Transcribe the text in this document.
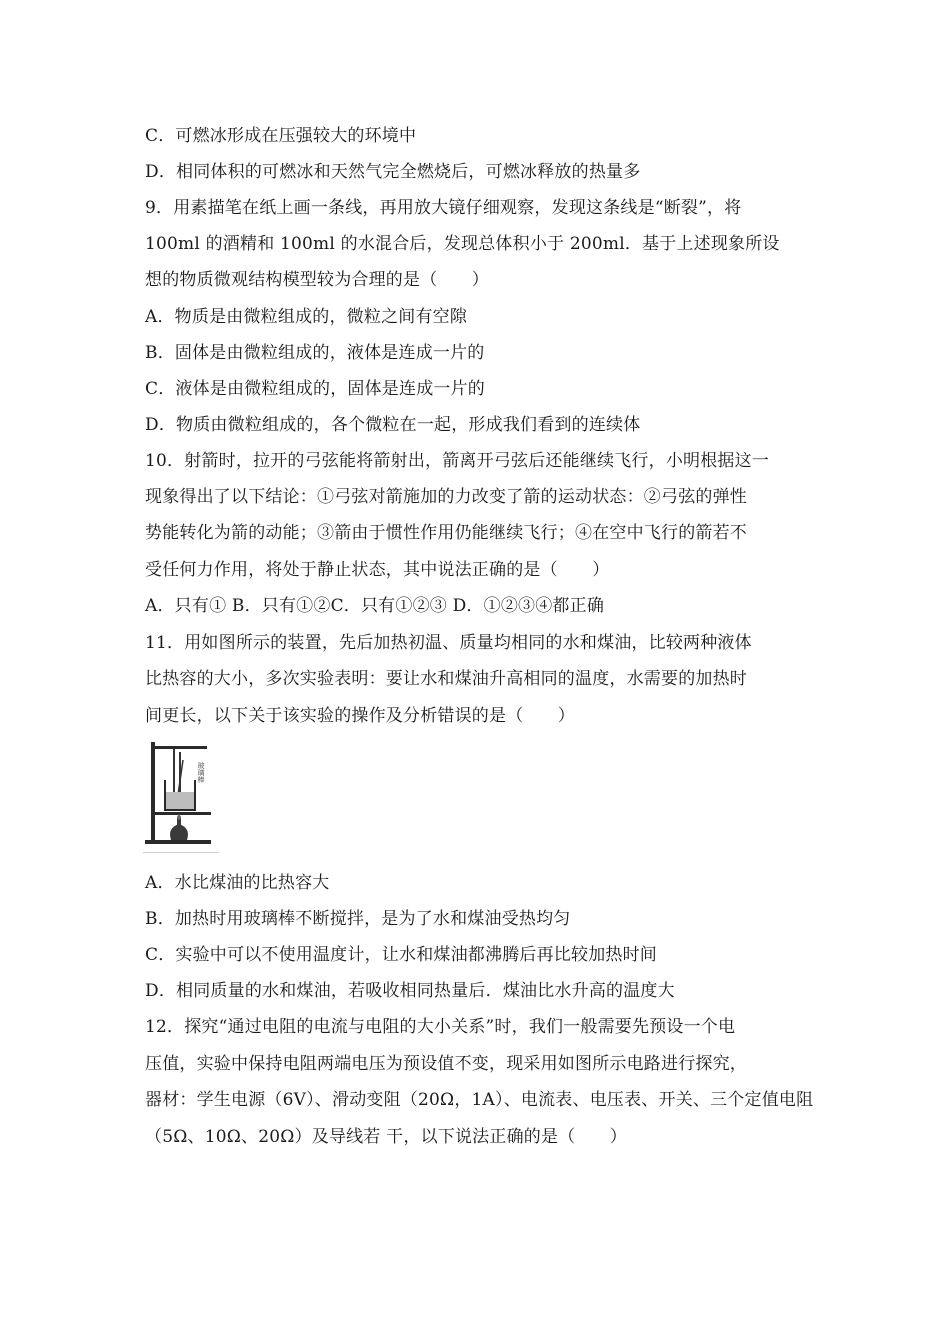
C．可燃冰形成在压强较大的环境中
D．相同体积的可燃冰和天然气完全燃烧后，可燃冰释放的热量多
9．用素描笔在纸上画一条线，再用放大镜仔细观察，发现这条线是“断裂”，将
100ml 的酒精和 100ml 的水混合后，发现总体积小于 200ml．基于上述现象所设
想的物质微观结构模型较为合理的是（　　）
A．物质是由微粒组成的，微粒之间有空隙
B．固体是由微粒组成的，液体是连成一片的
C．液体是由微粒组成的，固体是连成一片的
D．物质由微粒组成的，各个微粒在一起，形成我们看到的连续体
10．射箭时，拉开的弓弦能将箭射出，箭离开弓弦后还能继续飞行，小明根据这一
现象得出了以下结论：①弓弦对箭施加的力改变了箭的运动状态：②弓弦的弹性
势能转化为箭的动能；③箭由于惯性作用仍能继续飞行；④在空中飞行的箭若不
受任何力作用，将处于静止状态，其中说法正确的是（　　）
A．只有① B．只有①②C．只有①②③ D．①②③④都正确
11．用如图所示的装置，先后加热初温、质量均相同的水和煤油，比较两种液体
比热容的大小，多次实验表明：要让水和煤油升高相同的温度，水需要的加热时
间更长，以下关于该实验的操作及分析错误的是（　　）
玻璃棒
A．水比煤油的比热容大
B．加热时用玻璃棒不断搅拌，是为了水和煤油受热均匀
C．实验中可以不使用温度计，让水和煤油都沸腾后再比较加热时间
D．相同质量的水和煤油，若吸收相同热量后．煤油比水升高的温度大
12．探究“通过电阻的电流与电阻的大小关系”时，我们一般需要先预设一个电
压值，实验中保持电阻两端电压为预设值不变，现采用如图所示电路进行探究，
器材：学生电源（6V）、滑动变阻（20Ω，1A）、电流表、电压表、开关、三个定值电阻
（5Ω、10Ω、20Ω）及导线若 干，以下说法正确的是（　　）
